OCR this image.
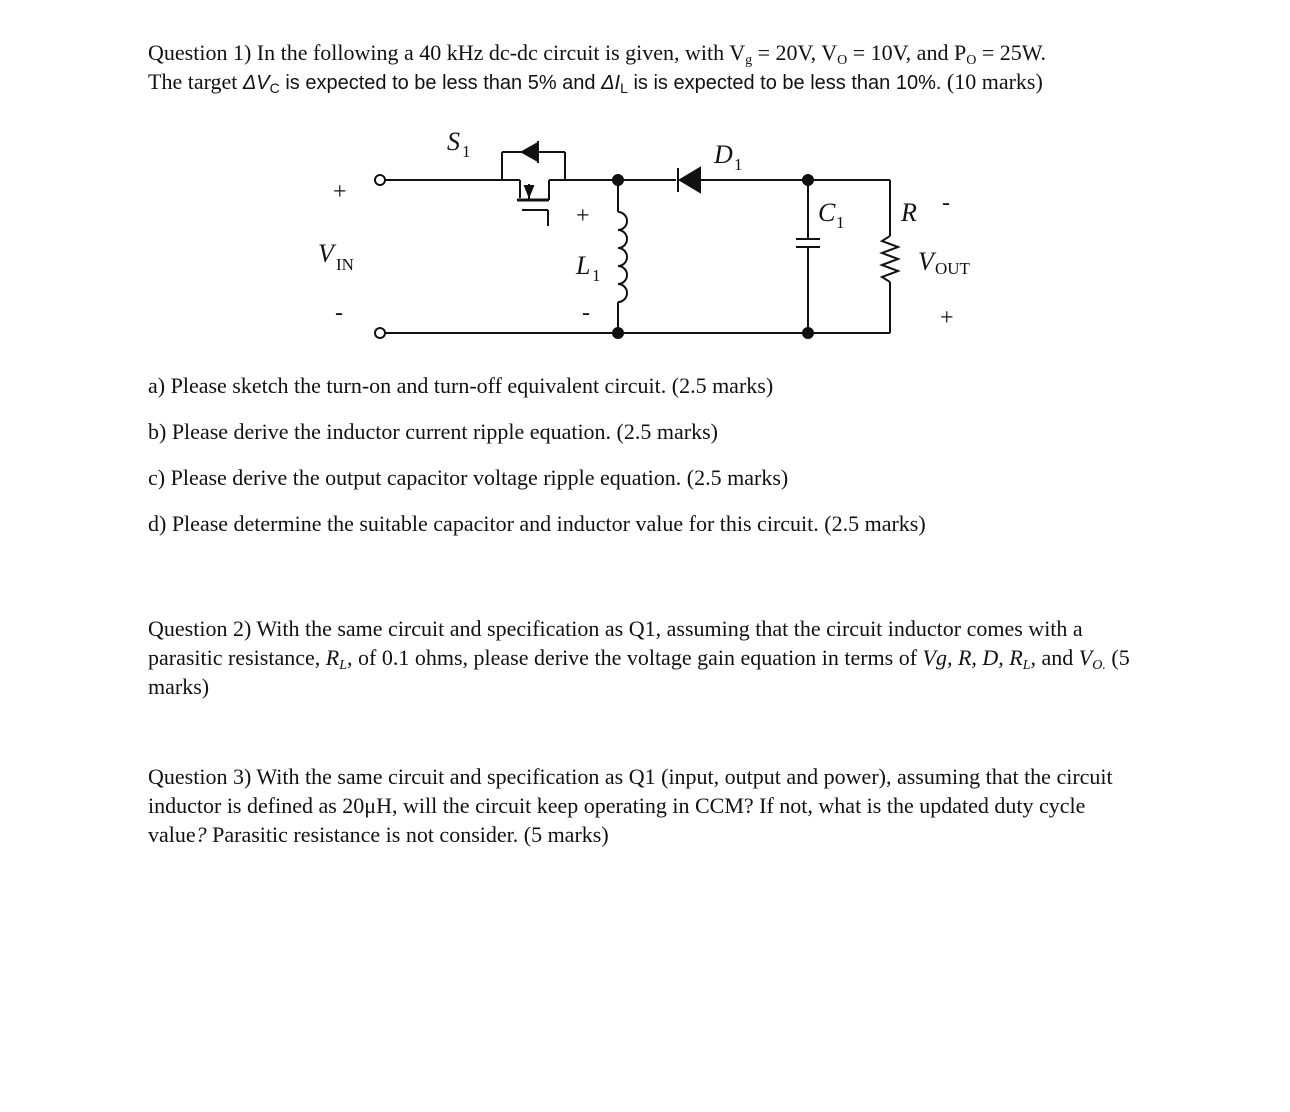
Question 1) In the following a 40 kHz dc-dc circuit is given, with $V_g = 20V$, $V_O = 10V$, and $P_O = 25W$.
The target $\Delta V_C$ is expected to be less than 5% and $\Delta I_L$ is is expected to be less than 10%. (10 marks)
+
V IN
-
S 1	D 1
+
L 1
-
C 1 R -
V OUT
+
a) Please sketch the turn-on and turn-off equivalent circuit. (2.5 marks)
b) Please derive the inductor current ripple equation. (2.5 marks)
c) Please derive the output capacitor voltage ripple equation. (2.5 marks)
d) Please determine the suitable capacitor and inductor value for this circuit. (2.5 marks)
Question 2) With the same circuit and specification as Q1, assuming that the circuit inductor comes with a parasitic resistance, $R_L$, of 0.1 ohms, please derive the voltage gain equation in terms of Vg, R, D, $R_L$, and $V_{O.}$ (5 marks)
Question 3) With the same circuit and specification as Q1 (input, output and power), assuming that the circuit inductor is defined as 20μH, will the circuit keep operating in CCM? If not, what is the updated duty cycle value? Parasitic resistance is not consider. (5 marks)
